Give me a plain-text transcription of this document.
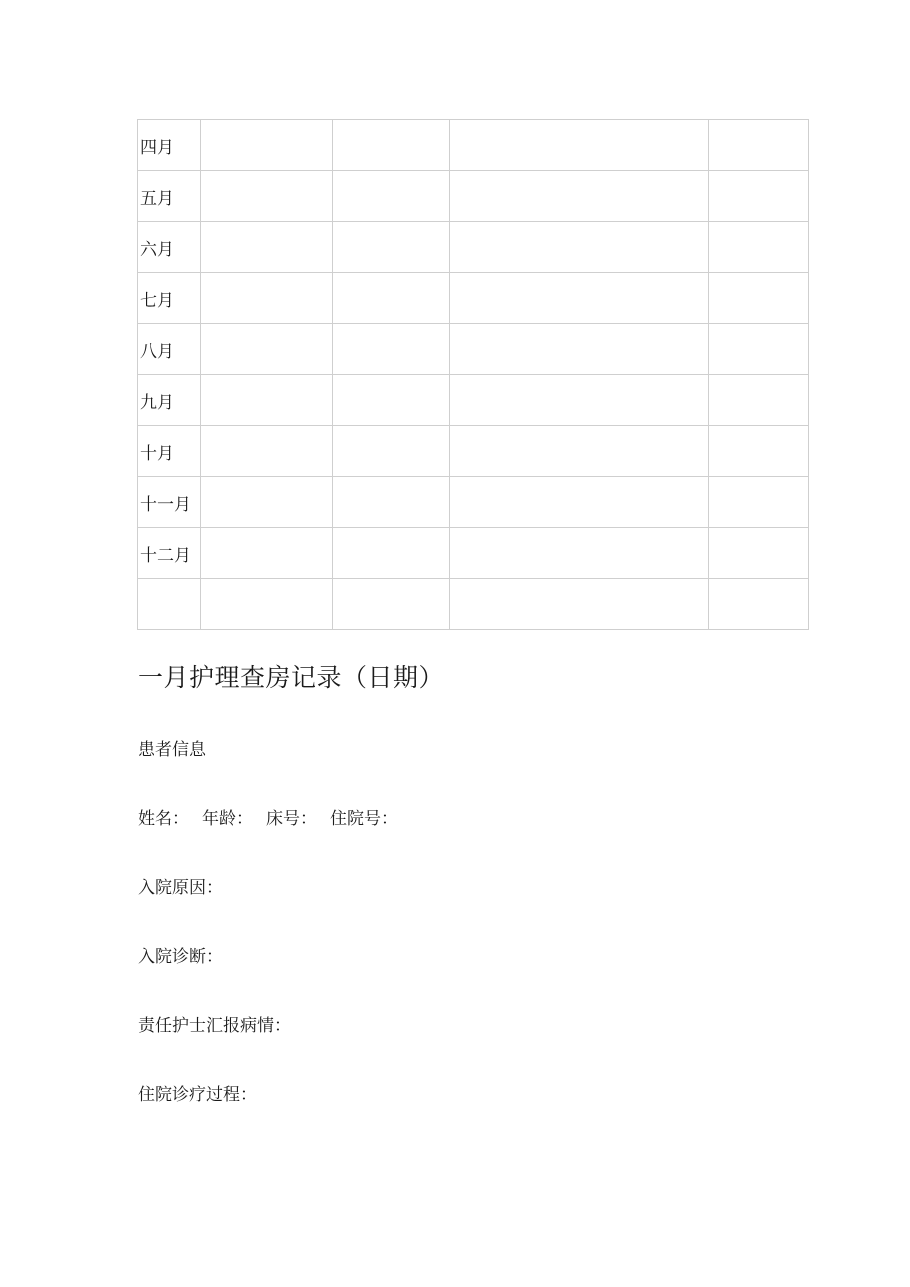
四月				
五月				
六月				
七月				
八月				
九月				
十月				
十一月				
十二月				

一月护理查房记录（日期）

患者信息

姓名： 年龄： 床号： 住院号：

入院原因：

入院诊断：

责任护士汇报病情：

住院诊疗过程：
